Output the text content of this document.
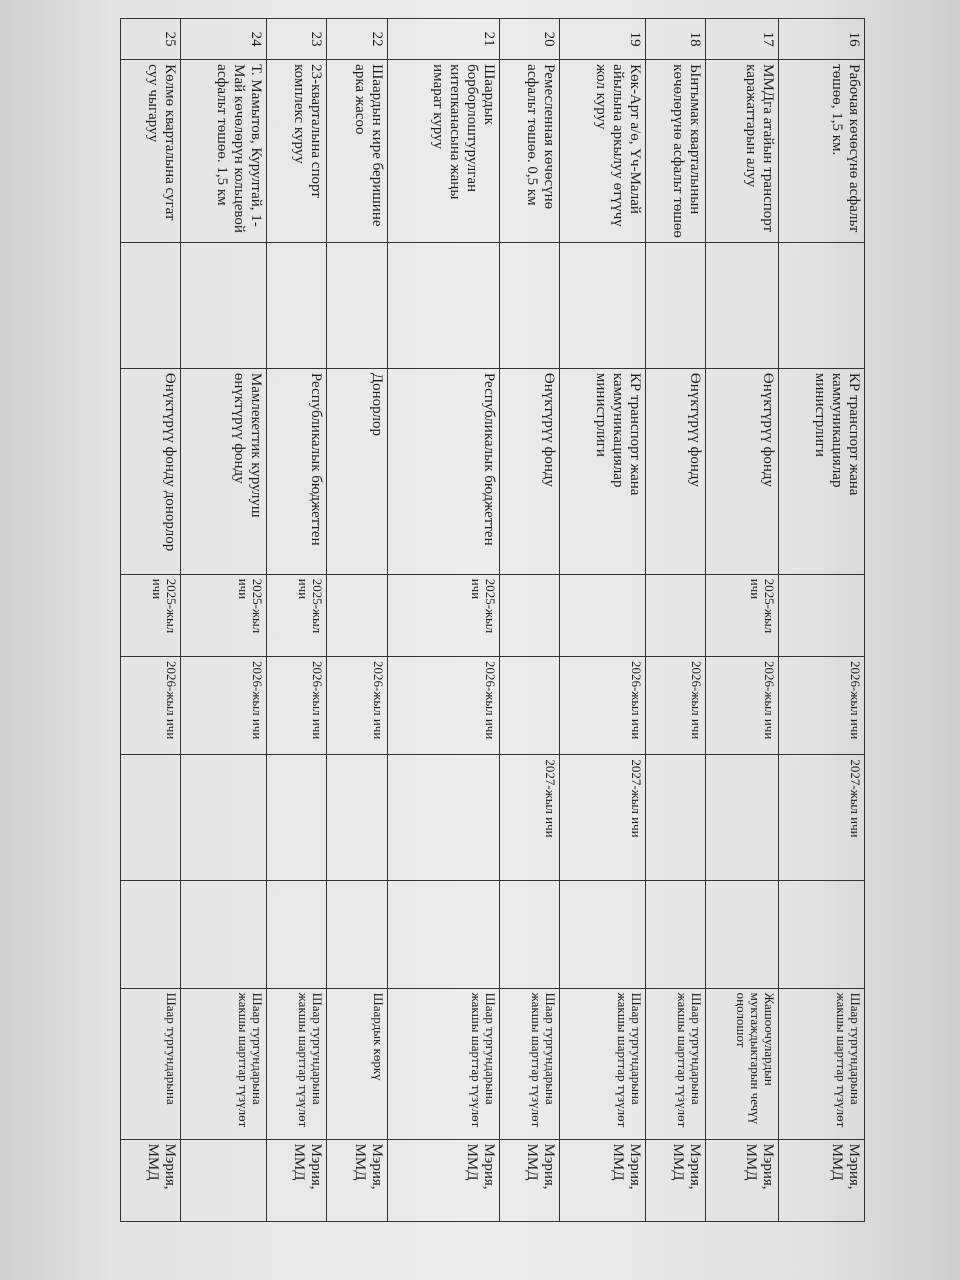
16	Рабочая көчөсүнө асфальт төшөө, 1,5 км.		КР транспорт жана каммуникациялар министрлиги		2026-жыл ичи	2027-жыл ичи		Шаар тургундарына жакшы шарттар түзүлөт	Мэрия, ММД
17	ММДга атайын транспорт каражаттарын алуу		Өнүктүрүү фонду	2025-жыл ичи	2026-жыл ичи			Жашоочулардын муктаждыктарын чечүү оңолошот	Мэрия, ММД
18	Ынтымак кварталынын көчөлөрүнө асфальт төшөө		Өнүктүрүү фонду		2026-жыл ичи			Шаар тургундарына жакшы шарттар түзүлөт	Мэрия, ММД
19	Көк-Арт а/ө, Үч-Малай айылына аркылуу өтүүчү жол куруу		КР транспорт жана каммуникациялар министрлиги		2026-жыл ичи	2027-жыл ичи		Шаар тургундарына жакшы шарттар түзүлөт	Мэрия, ММД
20	Ремесленная көчөсүнө асфальт төшөө. 0,5 км		Өнүктүрүү фонду			2027-жыл ичи		Шаар тургундарына жакшы шарттар түзүлөт	Мэрия, ММД
21	Шаардык борборлоштурулган китепканасына жаңы имарат куруу		Республикалык бюджеттен	2025-жыл ичи	2026-жыл ичи			Шаар тургундарына жакшы шарттар түзүлөт	Мэрия, ММД
22	Шаардын кире беришине арка жасоо		Донорлор		2026-жыл ичи			Шаардык көркү	Мэрия, ММД
23	23-кварталына спорт комплекс куруу		Республикалык бюджеттен	2025-жыл ичи	2026-жыл ичи			Шаар тургундарына жакшы шарттар түзүлөт	Мэрия, ММД
24	Т. Мамытов, Курултай, 1- Май көчөлөрүн кольцевой асфальт төшөө. 1,5 км		Мамлекеттик курулуш өнүктүрүү фонду	2025-жыл ичи	2026-жыл ичи			Шаар тургундарына жакшы шарттар түзүлөт	
25	Көлмө кварталына сугат суу чыгаруу		Өнүктүрүү фонду донорлор	2025-жыл ичи	2026-жыл ичи			Шаар тургундарына	Мэрия, ММД
